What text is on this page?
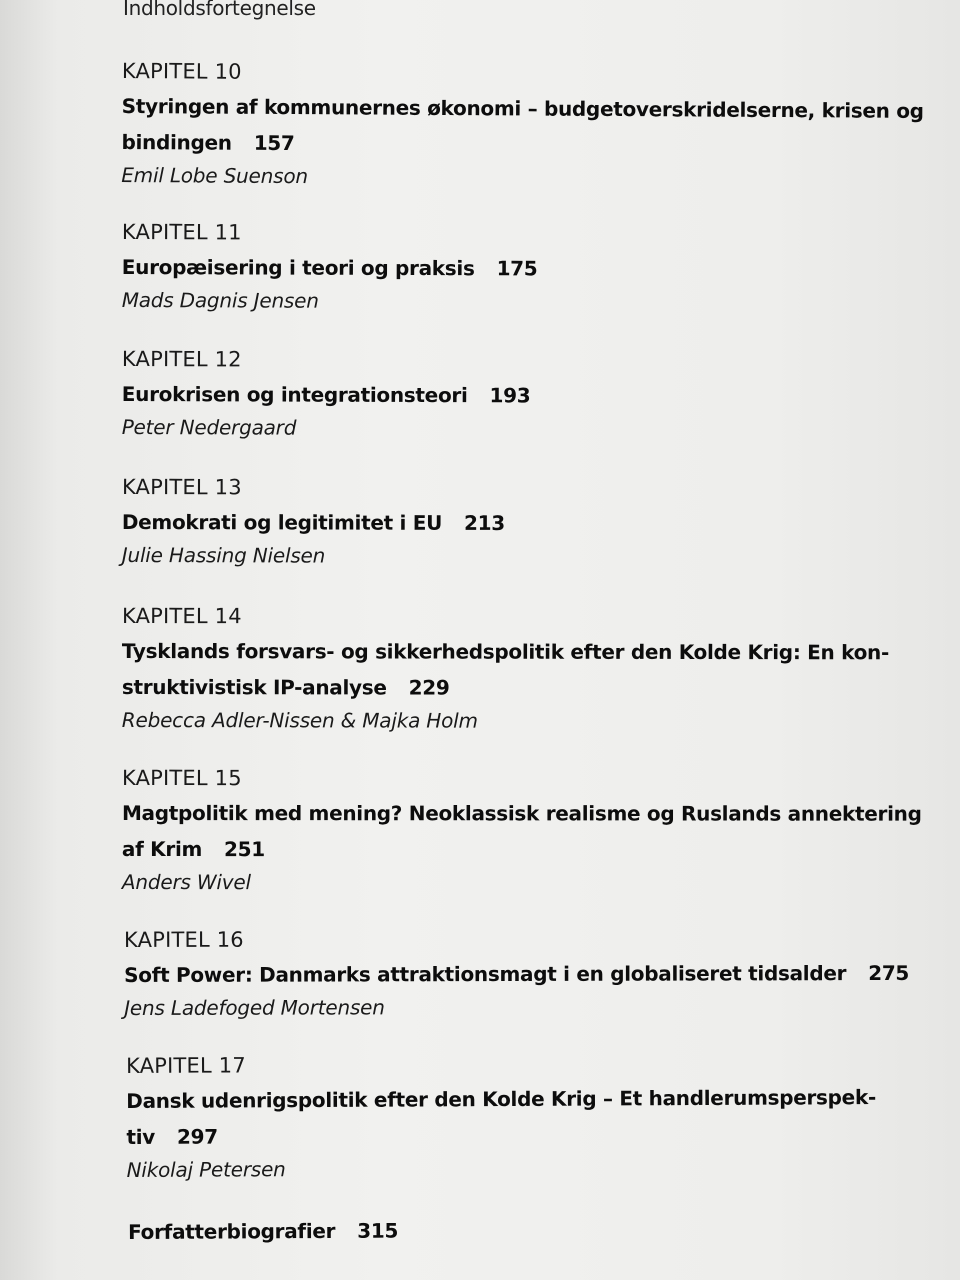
Indholdsfortegnelse
KAPITEL 10
Styringen af kommunernes økonomi – budgetoverskridelserne, krisen og
bindingen 157
Emil Lobe Suenson
KAPITEL 11
Europæisering i teori og praksis 175
Mads Dagnis Jensen
KAPITEL 12
Eurokrisen og integrationsteori 193
Peter Nedergaard
KAPITEL 13
Demokrati og legitimitet i EU 213
Julie Hassing Nielsen
KAPITEL 14
Tysklands forsvars- og sikkerhedspolitik efter den Kolde Krig: En kon-
struktivistisk IP-analyse 229
Rebecca Adler-Nissen & Majka Holm
KAPITEL 15
Magtpolitik med mening? Neoklassisk realisme og Ruslands annektering
af Krim 251
Anders Wivel
KAPITEL 16
Soft Power: Danmarks attraktionsmagt i en globaliseret tidsalder 275
Jens Ladefoged Mortensen
KAPITEL 17
Dansk udenrigspolitik efter den Kolde Krig – Et handlerumsperspek-
tiv 297
Nikolaj Petersen
Forfatterbiografier 315
